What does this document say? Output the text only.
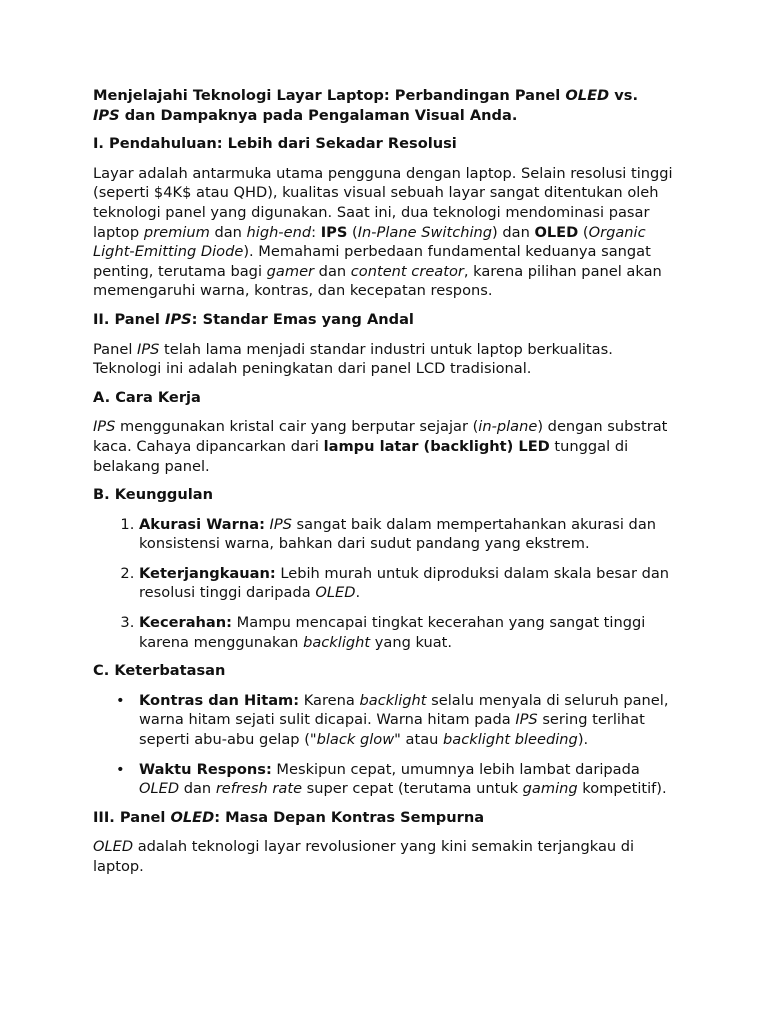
Menjelajahi Teknologi Layar Laptop: Perbandingan Panel OLED vs.
IPS dan Dampaknya pada Pengalaman Visual Anda.

I. Pendahuluan: Lebih dari Sekadar Resolusi

Layar adalah antarmuka utama pengguna dengan laptop. Selain resolusi tinggi (seperti $4K$ atau QHD), kualitas visual sebuah layar sangat ditentukan oleh teknologi panel yang digunakan. Saat ini, dua teknologi mendominasi pasar laptop premium dan high-end: IPS (In-Plane Switching) dan OLED (Organic Light-Emitting Diode). Memahami perbedaan fundamental keduanya sangat penting, terutama bagi gamer dan content creator, karena pilihan panel akan memengaruhi warna, kontras, dan kecepatan respons.

II. Panel IPS: Standar Emas yang Andal

Panel IPS telah lama menjadi standar industri untuk laptop berkualitas. Teknologi ini adalah peningkatan dari panel LCD tradisional.

A. Cara Kerja

IPS menggunakan kristal cair yang berputar sejajar (in-plane) dengan substrat kaca. Cahaya dipancarkan dari lampu latar (backlight) LED tunggal di belakang panel.

B. Keunggulan

1. Akurasi Warna: IPS sangat baik dalam mempertahankan akurasi dan konsistensi warna, bahkan dari sudut pandang yang ekstrem.
2. Keterjangkauan: Lebih murah untuk diproduksi dalam skala besar dan resolusi tinggi daripada OLED.
3. Kecerahan: Mampu mencapai tingkat kecerahan yang sangat tinggi karena menggunakan backlight yang kuat.

C. Keterbatasan

• Kontras dan Hitam: Karena backlight selalu menyala di seluruh panel, warna hitam sejati sulit dicapai. Warna hitam pada IPS sering terlihat seperti abu-abu gelap ("black glow" atau backlight bleeding).
• Waktu Respons: Meskipun cepat, umumnya lebih lambat daripada OLED dan refresh rate super cepat (terutama untuk gaming kompetitif).

III. Panel OLED: Masa Depan Kontras Sempurna

OLED adalah teknologi layar revolusioner yang kini semakin terjangkau di laptop.
